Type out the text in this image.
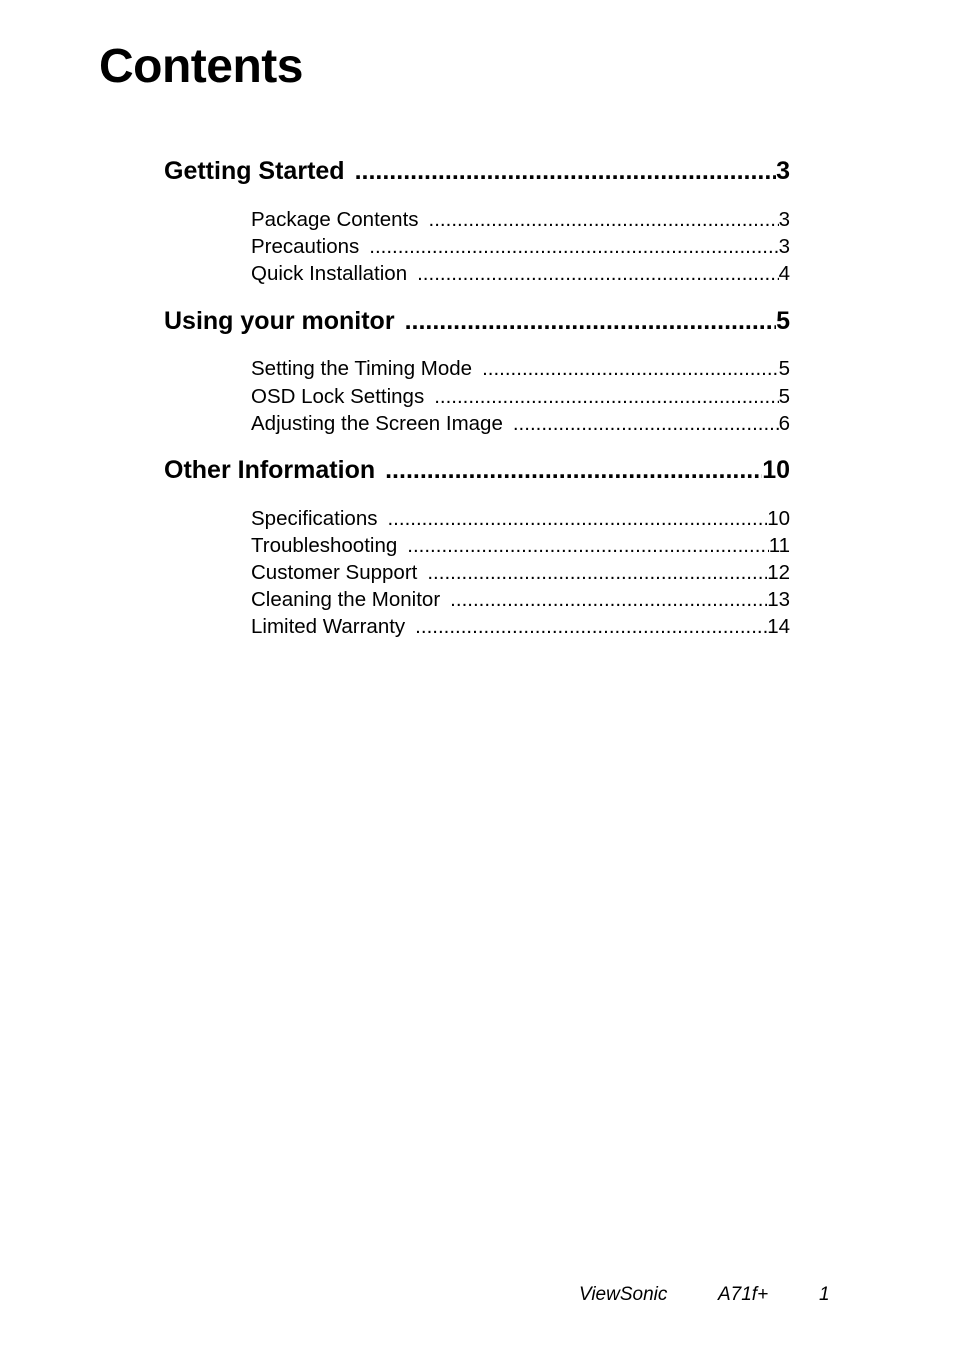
Contents
Getting Started .....	3
Package Contents .....	3
Precautions .....	3
Quick Installation .....	4
Using your monitor .....	5
Setting the Timing Mode .....	5
OSD Lock Settings .....	5
Adjusting the Screen Image .....	6
Other Information .....	10
Specifications .....	10
Troubleshooting .....	11
Customer Support .....	12
Cleaning the Monitor .....	13
Limited Warranty .....	14
ViewSonic	A71f+	1
